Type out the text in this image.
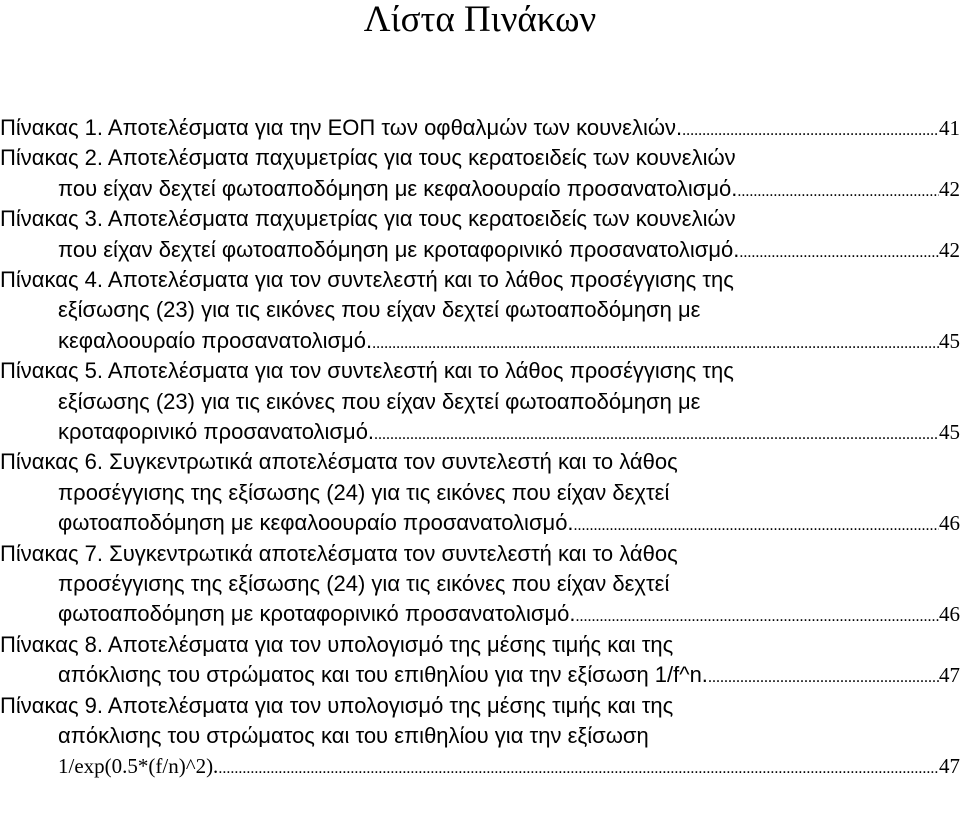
Λίστα Πινάκων
Πίνακας 1. Αποτελέσματα για την ΕΟΠ των οφθαλμών των κουνελιών. .....	41
Πίνακας 2. Αποτελέσματα παχυμετρίας για τους κερατοειδείς των κουνελιών
που είχαν δεχτεί φωτοαποδόμηση με κεφαλοουραίο προσανατολισμό. .....	42
Πίνακας 3. Αποτελέσματα παχυμετρίας για τους κερατοειδείς των κουνελιών
που είχαν δεχτεί φωτοαποδόμηση με κροταφορινικό προσανατολισμό. .....	42
Πίνακας 4. Αποτελέσματα για τον συντελεστή και το λάθος προσέγγισης της
εξίσωσης (23) για τις εικόνες που είχαν δεχτεί φωτοαποδόμηση με
κεφαλοουραίο προσανατολισμό. .....	45
Πίνακας 5. Αποτελέσματα για τον συντελεστή και το λάθος προσέγγισης της
εξίσωσης (23) για τις εικόνες που είχαν δεχτεί φωτοαποδόμηση με
κροταφορινικό προσανατολισμό. .....	45
Πίνακας 6. Συγκεντρωτικά αποτελέσματα τον συντελεστή και το λάθος
προσέγγισης της εξίσωσης (24) για τις εικόνες που είχαν δεχτεί
φωτοαποδόμηση με κεφαλοουραίο προσανατολισμό. .....	46
Πίνακας 7. Συγκεντρωτικά αποτελέσματα τον συντελεστή και το λάθος
προσέγγισης της εξίσωσης (24) για τις εικόνες που είχαν δεχτεί
φωτοαποδόμηση με κροταφορινικό προσανατολισμό. .....	46
Πίνακας 8. Αποτελέσματα για τον υπολογισμό της μέσης τιμής και της
απόκλισης του στρώματος και του επιθηλίου για την εξίσωση 1/f^n. .....	47
Πίνακας 9. Αποτελέσματα για τον υπολογισμό της μέσης τιμής και της
απόκλισης του στρώματος και του επιθηλίου για την εξίσωση
1/exp(0.5*(f/n)^2). .....	47
